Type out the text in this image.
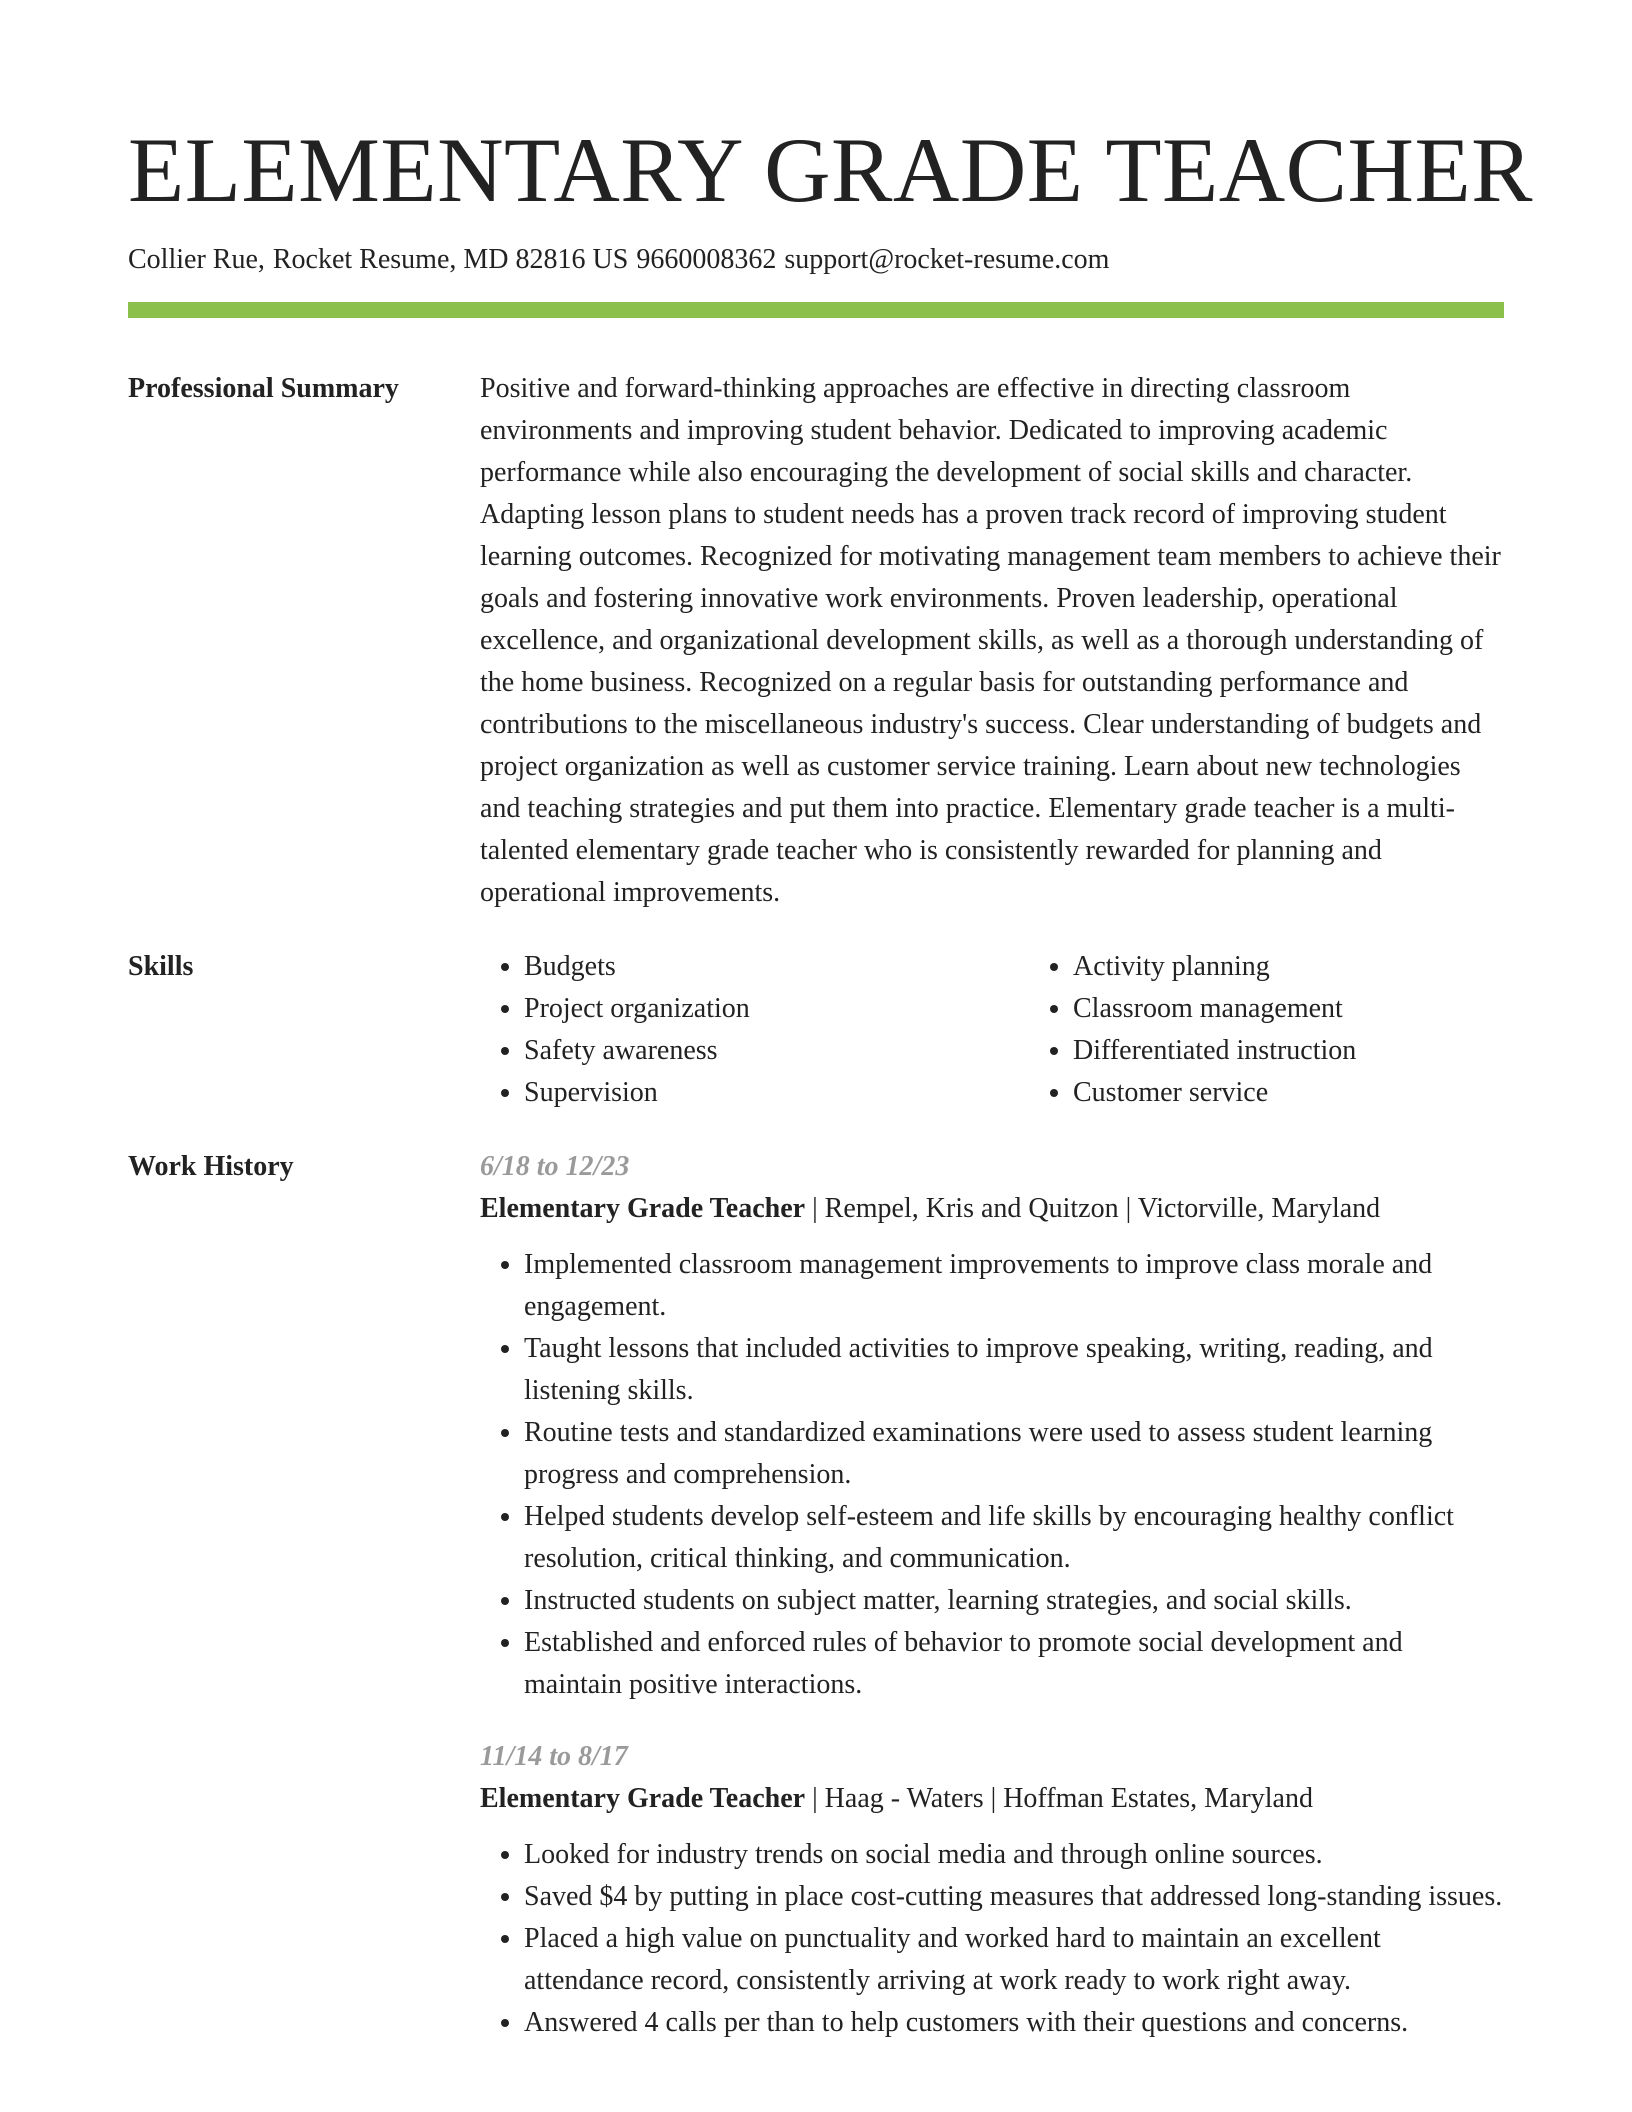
ELEMENTARY GRADE TEACHER
Collier Rue, Rocket Resume, MD 82816 US 9660008362 support@rocket-resume.com
Professional Summary	Positive and forward-thinking approaches are effective in directing classroom environments and improving student behavior. Dedicated to improving academic performance while also encouraging the development of social skills and character. Adapting lesson plans to student needs has a proven track record of improving student learning outcomes. Recognized for motivating management team members to achieve their goals and fostering innovative work environments. Proven leadership, operational excellence, and organizational development skills, as well as a thorough understanding of the home business. Recognized on a regular basis for outstanding performance and contributions to the miscellaneous industry's success. Clear understanding of budgets and project organization as well as customer service training. Learn about new technologies and teaching strategies and put them into practice. Elementary grade teacher is a multi-talented elementary grade teacher who is consistently rewarded for planning and operational improvements.

Skills
•	Budgets
• Project organization
• Safety awareness
• Supervision
• Activity planning
• Classroom management
• Differentiated instruction
• Customer service
Work History	6/18 to 12/23
Elementary Grade Teacher | Rempel, Kris and Quitzon | Victorville, Maryland
• Implemented classroom management improvements to improve class morale and engagement.
• Taught lessons that included activities to improve speaking, writing, reading, and listening skills.
• Routine tests and standardized examinations were used to assess student learning progress and comprehension.
• Helped students develop self-esteem and life skills by encouraging healthy conflict resolution, critical thinking, and communication.
• Instructed students on subject matter, learning strategies, and social skills.
• Established and enforced rules of behavior to promote social development and maintain positive interactions.
11/14 to 8/17
Elementary Grade Teacher | Haag - Waters | Hoffman Estates, Maryland
• Looked for industry trends on social media and through online sources.
• Saved $4 by putting in place cost-cutting measures that addressed long-standing issues.
• Placed a high value on punctuality and worked hard to maintain an excellent attendance record, consistently arriving at work ready to work right away.
• Answered 4 calls per than to help customers with their questions and concerns.
